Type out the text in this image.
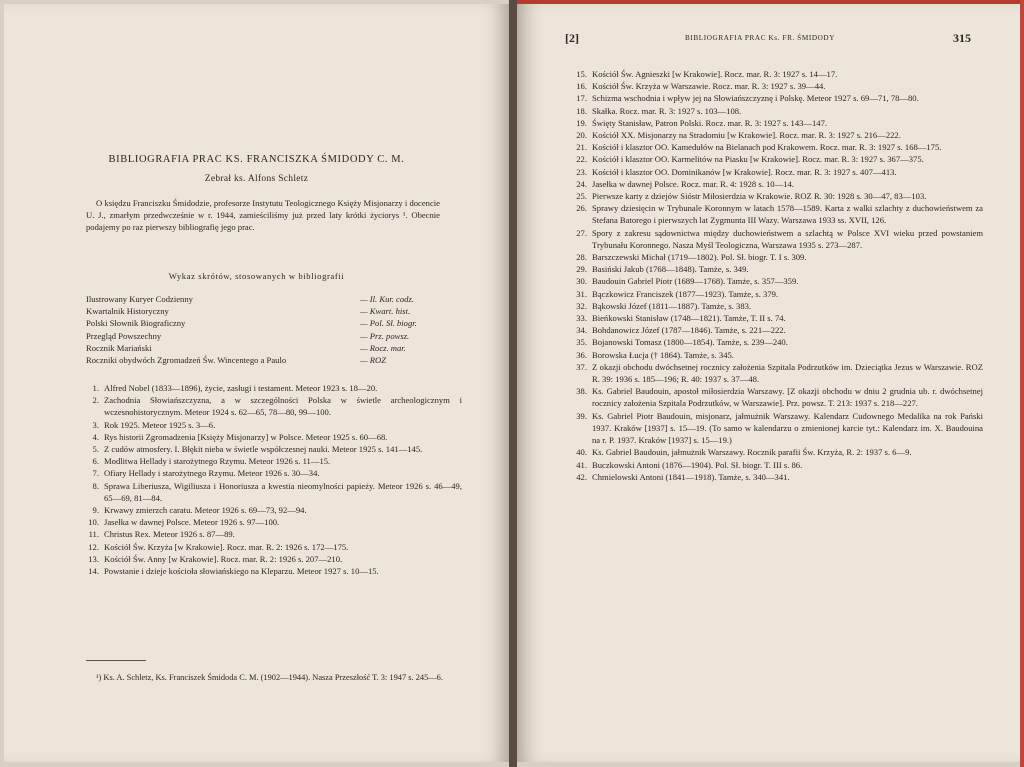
BIBLIOGRAFIA PRAC KS. FRANCISZKA ŚMIDODY C. M.
Zebrał ks. Alfons Schletz
O księdzu Franciszku Śmidodzie, profesorze Instytutu Teologicznego Księży Misjonarzy i docencie U. J., zmarłym przedwcześnie w r. 1944, zamieściliśmy już przed laty krótki życiorys ¹. Obecnie podajemy po raz pierwszy bibliografię jego prac.
Wykaz skrótów, stosowanych w bibliografii
Ilustrowany Kuryer Codzienny	— Il. Kur. codz.
Kwartalnik Historyczny	— Kwart. hist.
Polski Słownik Biograficzny	— Pol. Sł. biogr.
Przegląd Powszechny	— Prz. powsz.
Rocznik Mariański	— Rocz. mar.
Roczniki obydwóch Zgromadzeń Św. Wincentego a Paulo	— ROZ
1. Alfred Nobel (1833—1896), życie, zasługi i testament. Meteor 1923 s. 18—20.
2. Zachodnia Słowiańszczyzna, a w szczególności Polska w świetle archeologicznym i wczesnohistorycznym. Meteor 1924 s. 62—65, 78—80, 99—100.
3. Rok 1925. Meteor 1925 s. 3—6.
4. Rys historii Zgromadzenia [Księży Misjonarzy] w Polsce. Meteor 1925 s. 60—68.
5. Z cudów atmosfery. I. Błękit nieba w świetle współczesnej nauki. Meteor 1925 s. 141—145.
6. Modlitwa Hellady i starożytnego Rzymu. Meteor 1926 s. 11—15.
7. Ofiary Hellady i starożytnego Rzymu. Meteor 1926 s. 30—34.
8. Sprawa Liberiusza, Wigiliusza i Honoriusza a kwestia nieomylności papieży. Meteor 1926 s. 46—49, 65—69, 81—84.
9. Krwawy zmierzch caratu. Meteor 1926 s. 69—73, 92—94.
10. Jasełka w dawnej Polsce. Meteor 1926 s. 97—100.
11. Christus Rex. Meteor 1926 s. 87—89.
12. Kościół Św. Krzyża [w Krakowie]. Rocz. mar. R. 2: 1926 s. 172—175.
13. Kościół Św. Anny [w Krakowie]. Rocz. mar. R. 2: 1926 s. 207—210.
14. Powstanie i dzieje kościoła słowiańskiego na Kleparzu. Meteor 1927 s. 10—15.
¹) Ks. A. Schletz, Ks. Franciszek Śmidoda C. M. (1902—1944). Nasza Przeszłość T. 3: 1947 s. 245—6.
[2]	BIBLIOGRAFIA PRAC Ks. FR. ŚMIDODY	315
15. Kościół Św. Agnieszki [w Krakowie]. Rocz. mar. R. 3: 1927 s. 14—17.
16. Kościół Św. Krzyża w Warszawie. Rocz. mar. R. 3: 1927 s. 39—44.
17. Schizma wschodnia i wpływ jej na Słowiańszczyznę i Polskę. Meteor 1927 s. 69—71, 78—80.
18. Skałka. Rocz. mar. R. 3: 1927 s. 103—108.
19. Święty Stanisław, Patron Polski. Rocz. mar. R. 3: 1927 s. 143—147.
20. Kościół XX. Misjonarzy na Stradomiu [w Krakowie]. Rocz. mar. R. 3: 1927 s. 216—222.
21. Kościół i klasztor OO. Kamedułów na Bielanach pod Krakowem. Rocz. mar. R. 3: 1927 s. 168—175.
22. Kościół i klasztor OO. Karmelitów na Piasku [w Krakowie]. Rocz. mar. R. 3: 1927 s. 367—375.
23. Kościół i klasztor OO. Dominikanów [w Krakowie]. Rocz. mar. R. 3: 1927 s. 407—413.
24. Jasełka w dawnej Polsce. Rocz. mar. R. 4: 1928 s. 10—14.
25. Pierwsze karty z dziejów Sióstr Miłosierdzia w Krakowie. ROZ R. 30: 1928 s. 30—47, 83—103.
26. Sprawy dziesięcin w Trybunale Koronnym w latach 1578—1589. Karta z walki szlachty z duchowieństwem za Stefana Batorego i pierwszych lat Zygmunta III Wazy. Warszawa 1933 ss. XVII, 126.
27. Spory z zakresu sądownictwa między duchowieństwem a szlachtą w Polsce XVI wieku przed powstaniem Trybunału Koronnego. Nasza Myśl Teologiczna, Warszawa 1935 s. 273—287.
28. Barszczewski Michał (1719—1802). Pol. Sł. biogr. T. I s. 309.
29. Basiński Jakub (1768—1848). Tamże, s. 349.
30. Baudouin Gabriel Piotr (1689—1768). Tamże, s. 357—359.
31. Bączkowicz Franciszek (1877—1923). Tamże, s. 379.
32. Bąkowski Józef (1811—1887). Tamże, s. 383.
33. Bieńkowski Stanisław (1748—1821). Tamże, T. II s. 74.
34. Bohdanowicz Józef (1787—1846). Tamże, s. 221—222.
35. Bojanowski Tomasz (1800—1854). Tamże, s. 239—240.
36. Borowska Łucja († 1864). Tamże, s. 345.
37. Z okazji obchodu dwóchsetnej rocznicy założenia Szpitala Podrzutków im. Dzieciątka Jezus w Warszawie. ROZ R. 39: 1936 s. 185—196; R. 40: 1937 s. 37—48.
38. Ks. Gabriel Baudouin, apostoł miłosierdzia Warszawy. [Z okazji obchodu w dniu 2 grudnia ub. r. dwóchsetnej rocznicy założenia Szpitala Podrzutków, w Warszawie]. Prz. powsz. T. 213: 1937 s. 218—227.
39. Ks. Gabriel Piotr Baudouin, misjonarz, jałmużnik Warszawy. Kalendarz Cudownego Medalika na rok Pański 1937. Kraków [1937] s. 15—19. (To samo w kalendarzu o zmienionej karcie tyt.: Kalendarz im. X. Baudouina na r. P. 1937. Kraków [1937] s. 15—19.)
40. Ks. Gabriel Baudouin, jałmużnik Warszawy. Rocznik parafii Św. Krzyża, R. 2: 1937 s. 6—9.
41. Buczkowski Antoni (1876—1904). Pol. Sł. biogr. T. III s. 86.
42. Chmielowski Antoni (1841—1918). Tamże, s. 340—341.
